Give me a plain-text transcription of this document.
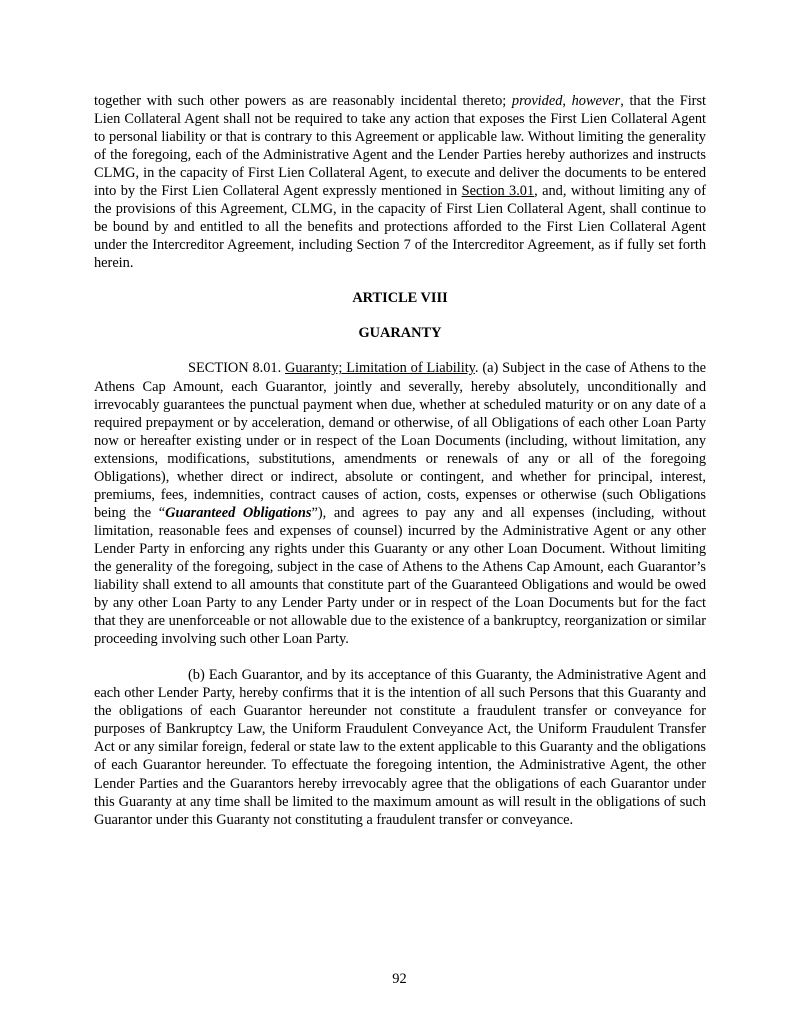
together with such other powers as are reasonably incidental thereto; provided, however, that the First Lien Collateral Agent shall not be required to take any action that exposes the First Lien Collateral Agent to personal liability or that is contrary to this Agreement or applicable law. Without limiting the generality of the foregoing, each of the Administrative Agent and the Lender Parties hereby authorizes and instructs CLMG, in the capacity of First Lien Collateral Agent, to execute and deliver the documents to be entered into by the First Lien Collateral Agent expressly mentioned in Section 3.01, and, without limiting any of the provisions of this Agreement, CLMG, in the capacity of First Lien Collateral Agent, shall continue to be bound by and entitled to all the benefits and protections afforded to the First Lien Collateral Agent under the Intercreditor Agreement, including Section 7 of the Intercreditor Agreement, as if fully set forth herein.

ARTICLE VIII

GUARANTY

SECTION 8.01. Guaranty; Limitation of Liability. (a) Subject in the case of Athens to the Athens Cap Amount, each Guarantor, jointly and severally, hereby absolutely, unconditionally and irrevocably guarantees the punctual payment when due, whether at scheduled maturity or on any date of a required prepayment or by acceleration, demand or otherwise, of all Obligations of each other Loan Party now or hereafter existing under or in respect of the Loan Documents (including, without limitation, any extensions, modifications, substitutions, amendments or renewals of any or all of the foregoing Obligations), whether direct or indirect, absolute or contingent, and whether for principal, interest, premiums, fees, indemnities, contract causes of action, costs, expenses or otherwise (such Obligations being the “Guaranteed Obligations”), and agrees to pay any and all expenses (including, without limitation, reasonable fees and expenses of counsel) incurred by the Administrative Agent or any other Lender Party in enforcing any rights under this Guaranty or any other Loan Document. Without limiting the generality of the foregoing, subject in the case of Athens to the Athens Cap Amount, each Guarantor’s liability shall extend to all amounts that constitute part of the Guaranteed Obligations and would be owed by any other Loan Party to any Lender Party under or in respect of the Loan Documents but for the fact that they are unenforceable or not allowable due to the existence of a bankruptcy, reorganization or similar proceeding involving such other Loan Party.

(b) Each Guarantor, and by its acceptance of this Guaranty, the Administrative Agent and each other Lender Party, hereby confirms that it is the intention of all such Persons that this Guaranty and the obligations of each Guarantor hereunder not constitute a fraudulent transfer or conveyance for purposes of Bankruptcy Law, the Uniform Fraudulent Conveyance Act, the Uniform Fraudulent Transfer Act or any similar foreign, federal or state law to the extent applicable to this Guaranty and the obligations of each Guarantor hereunder. To effectuate the foregoing intention, the Administrative Agent, the other Lender Parties and the Guarantors hereby irrevocably agree that the obligations of each Guarantor under this Guaranty at any time shall be limited to the maximum amount as will result in the obligations of such Guarantor under this Guaranty not constituting a fraudulent transfer or conveyance.

92
